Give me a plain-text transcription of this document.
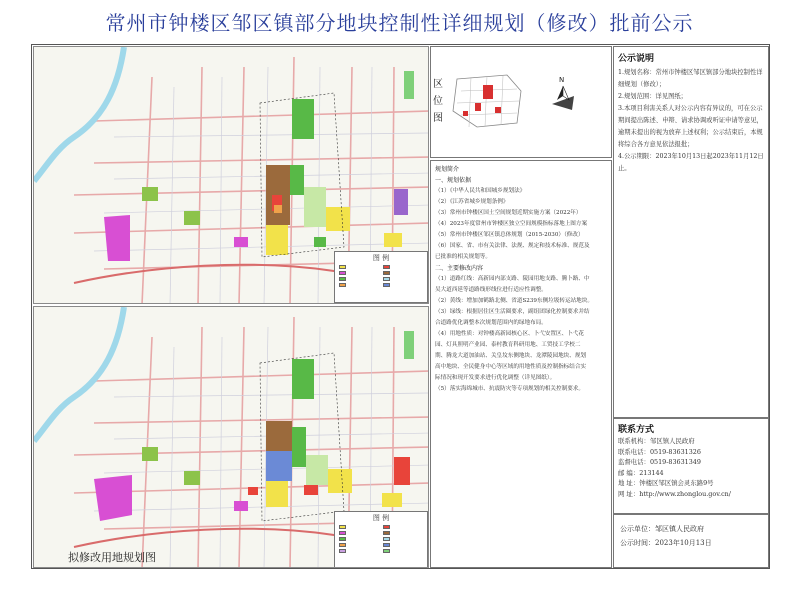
常州市钟楼区邹区镇部分地块控制性详细规划（修改）批前公示
图 例
图 例
拟修改用地规划图
区位图
N

规划简介

一、规划依据

（1）《中华人民共和国城乡规划法》

（2）《江苏省城乡规划条例》

（3）常州市钟楼区国土空间规划近期实施方案（2022年）

（4）2023年度常州市钟楼区独立空间规模指标落地上图方案

（5）常州市钟楼区邹区镇总体规划（2015-2030）（修改）

（6）国家、省、市有关法律、法规、规定和技术标准、规范及

已批准的相关规划等。

二、主要修改内容

（1）道路红线：高新园内部支路、陵园用地支路、腾卜路、中

吴大道西延等道路线形线位进行适应性调整。

（2）黄线：增加加鹤路北侧、省道S239东侧垃圾转运站地块。

（3）绿线：根据居住区生活圈要求，副组团绿化控制要求并结

合道路优化调整本次规划范围内的绿地布局。

（4）用地性质：对钟楼高新园核心区、卜弋安置区、卜弋花

园、灯具照明产业园、泰村教育科研用地、工贸技工学校二

期、腾龙大道加油站、关皇坟东侧地块、龙潭陵园地块、规划

高中地块、全民健身中心等区域的用地性质及控制指标结合实

际情况和现开发要求进行优化调整（详见图纸）。

（5）落实海绵城市、抗震防灾等专项规划的相关控制要求。

公示说明

1.规划名称：常州市钟楼区邹区镇部分地块控制性详细规划（修改）；

2.规划范围：详见图纸；

3.本项目利害关系人对公示内容有异议的，可在公示期间提出陈述、申辩、请求协调或听证申请等意见，逾期未提出的视为放弃上述权利；公示结束后，本规将综合各方意见依法报批；

4.公示期限：2023年10月13日起2023年11月12日止。

联系方式

联系机构：邹区镇人民政府

联系电话：0519-83631326

监督电话：0519-83631349

邮 编：213144

地 址：钟楼区邹区镇会灵东路9号

网 址：http://www.zhonglou.gov.cn/

公示单位：邹区镇人民政府

公示时间：2023年10月13日
